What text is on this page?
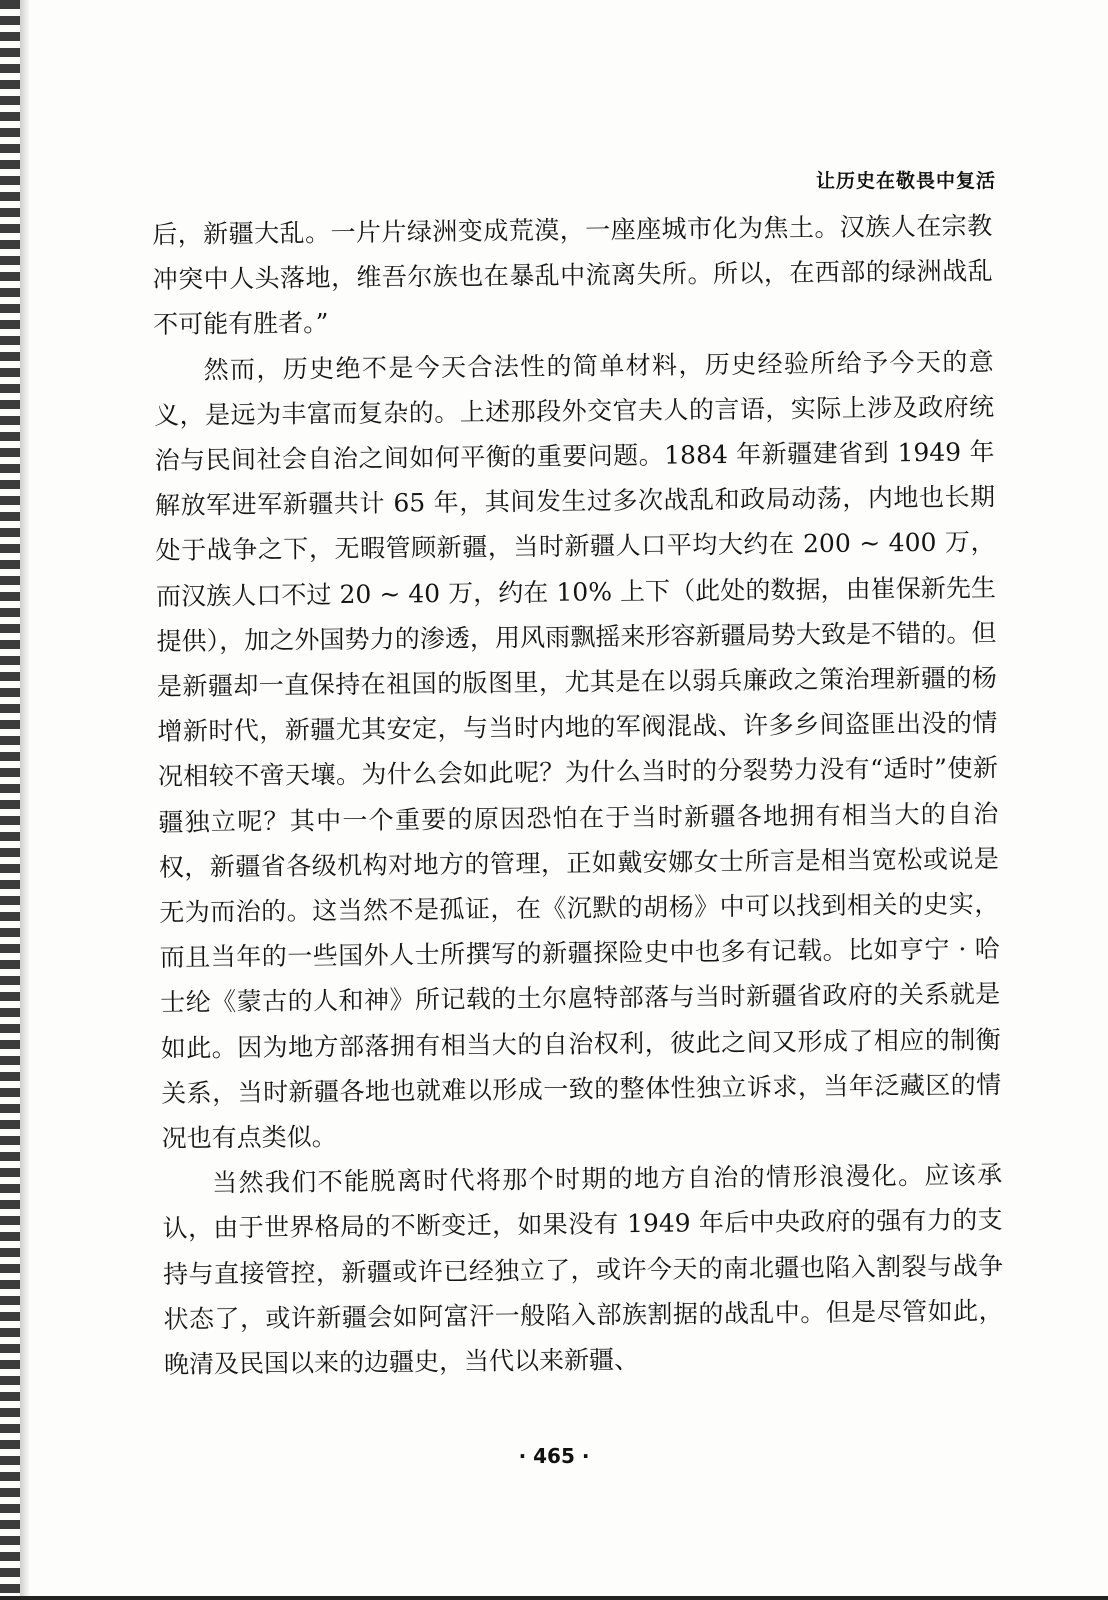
让历史在敬畏中复活

后，新疆大乱。一片片绿洲变成荒漠，一座座城市化为焦土。汉族人在宗教冲突中人头落地，维吾尔族也在暴乱中流离失所。所以，在西部的绿洲战乱不可能有胜者。”

然而，历史绝不是今天合法性的简单材料，历史经验所给予今天的意义，是远为丰富而复杂的。上述那段外交官夫人的言语，实际上涉及政府统治与民间社会自治之间如何平衡的重要问题。1884 年新疆建省到 1949 年解放军进军新疆共计 65 年，其间发生过多次战乱和政局动荡，内地也长期处于战争之下，无暇管顾新疆，当时新疆人口平均大约在 200 ~ 400 万，而汉族人口不过 20 ~ 40 万，约在 10% 上下（此处的数据，由崔保新先生提供），加之外国势力的渗透，用风雨飘摇来形容新疆局势大致是不错的。但是新疆却一直保持在祖国的版图里，尤其是在以弱兵廉政之策治理新疆的杨增新时代，新疆尤其安定，与当时内地的军阀混战、许多乡间盗匪出没的情况相较不啻天壤。为什么会如此呢？为什么当时的分裂势力没有“适时”使新疆独立呢？其中一个重要的原因恐怕在于当时新疆各地拥有相当大的自治权，新疆省各级机构对地方的管理，正如戴安娜女士所言是相当宽松或说是无为而治的。这当然不是孤证，在《沉默的胡杨》中可以找到相关的史实，而且当年的一些国外人士所撰写的新疆探险史中也多有记载。比如亨宁 · 哈士纶《蒙古的人和神》所记载的土尔扈特部落与当时新疆省政府的关系就是如此。因为地方部落拥有相当大的自治权利，彼此之间又形成了相应的制衡关系，当时新疆各地也就难以形成一致的整体性独立诉求，当年泛藏区的情况也有点类似。

当然我们不能脱离时代将那个时期的地方自治的情形浪漫化。应该承认，由于世界格局的不断变迁，如果没有 1949 年后中央政府的强有力的支持与直接管控，新疆或许已经独立了，或许今天的南北疆也陷入割裂与战争状态了，或许新疆会如阿富汗一般陷入部族割据的战乱中。但是尽管如此，晚清及民国以来的边疆史，当代以来新疆、

· 465 ·
